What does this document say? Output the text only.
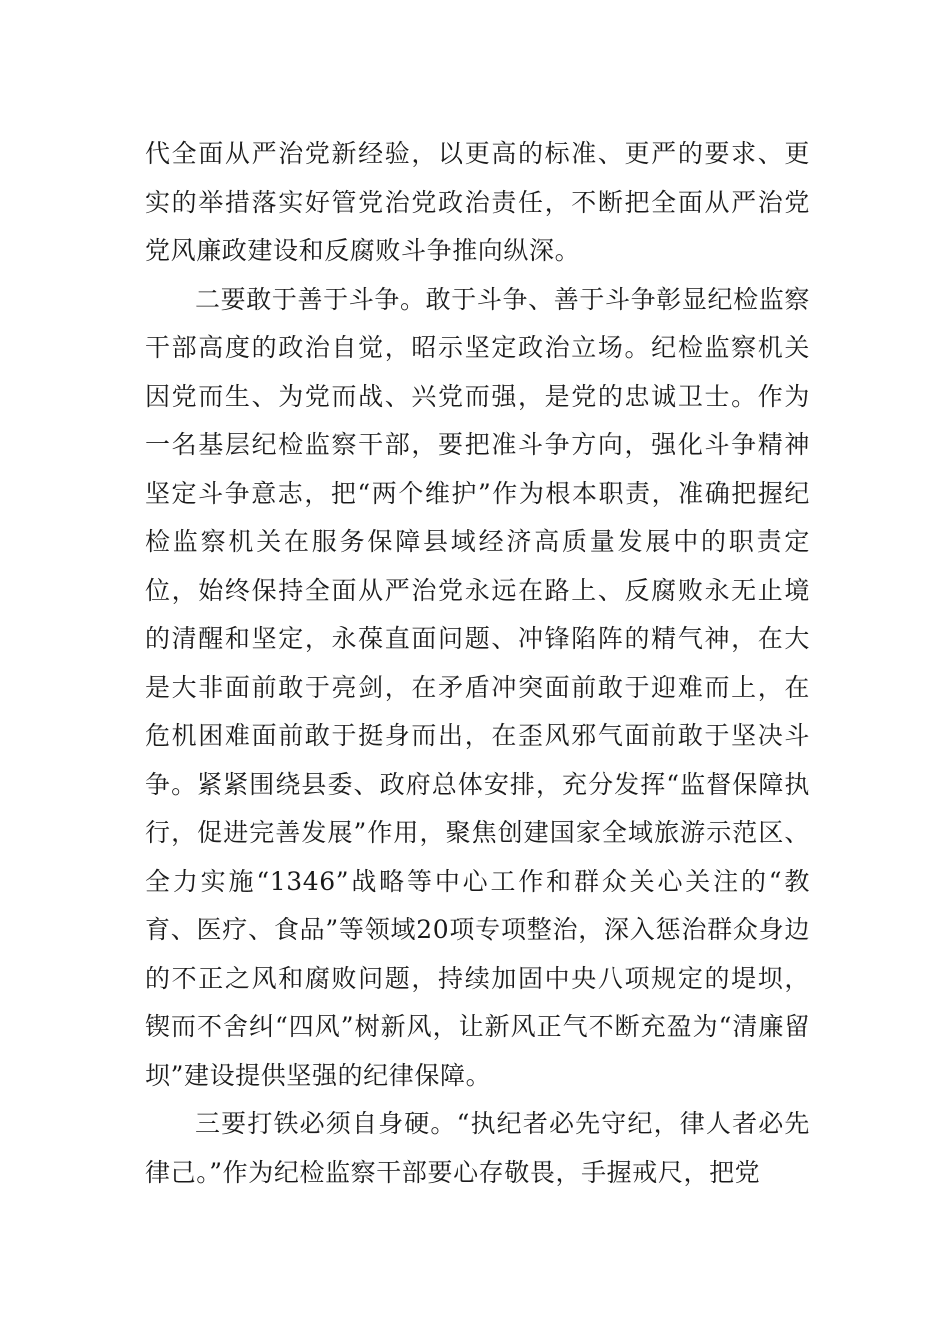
代全面从严治党新经验，以更高的标准、更严的要求、更实的举措落实好管党治党政治责任，不断把全面从严治党党风廉政建设和反腐败斗争推向纵深。

二要敢于善于斗争。敢于斗争、善于斗争彰显纪检监察干部高度的政治自觉，昭示坚定政治立场。纪检监察机关因党而生、为党而战、兴党而强，是党的忠诚卫士。作为一名基层纪检监察干部，要把准斗争方向，强化斗争精神坚定斗争意志，把“两个维护”作为根本职责，准确把握纪检监察机关在服务保障县域经济高质量发展中的职责定位，始终保持全面从严治党永远在路上、反腐败永无止境的清醒和坚定，永葆直面问题、冲锋陷阵的精气神，在大是大非面前敢于亮剑，在矛盾冲突面前敢于迎难而上，在危机困难面前敢于挺身而出，在歪风邪气面前敢于坚决斗争。紧紧围绕县委、政府总体安排，充分发挥“监督保障执行，促进完善发展”作用，聚焦创建国家全域旅游示范区、全力实施“1346”战略等中心工作和群众关心关注的“教育、医疗、食品”等领域20项专项整治，深入惩治群众身边的不正之风和腐败问题，持续加固中央八项规定的堤坝，锲而不舍纠“四风”树新风，让新风正气不断充盈为“清廉留坝”建设提供坚强的纪律保障。

三要打铁必须自身硬。“执纪者必先守纪，律人者必先律己。”作为纪检监察干部要心存敬畏，手握戒尺，把党
